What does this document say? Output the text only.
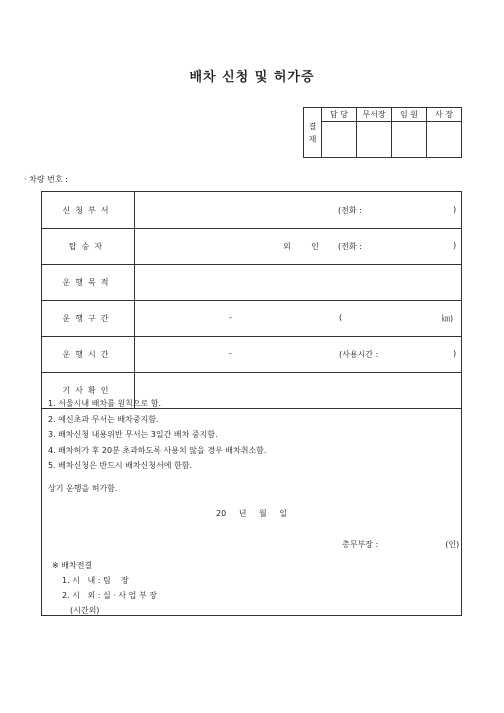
배차 신청 및 허가증
결
재	담 당	무서장	임 원	사 장

· 차량 번호 :
신청부서	(전화 :	)
탑승자	외        인 (전화 :	)
운행목적
운행구간	-	(	㎞)
운행시간	-	(사용시간 :	)
기사확인
1. 서울시내 배차를 원칙으로 함.
2. 예신초과 무서는 배차중지함.
3. 배차신청 내용위반 무서는 3일간 배차 중지함.
4. 배차허가 후 20분 초과하도록 사용치 않을 경우 배차취소함.
5. 배차신청은 반드시 배차신청서에 한함.
상기 운행을 허가함.
20 년 월 일
총무부장 :	(인)
※ 배차전결
1. 시   내 : 팀    장
2. 시   외 : 실 · 사 업 부 장
(시간외)
